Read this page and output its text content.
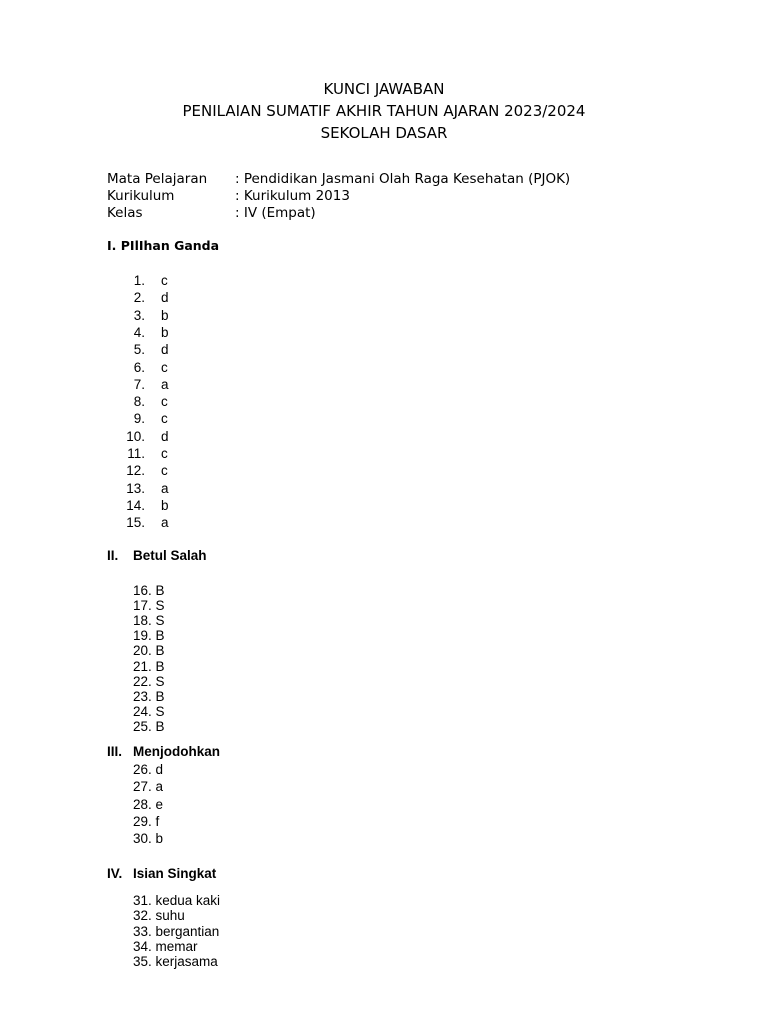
KUNCI JAWABAN
PENILAIAN SUMATIF AKHIR TAHUN AJARAN 2023/2024
SEKOLAH DASAR
Mata Pelajaran : Pendidikan Jasmani Olah Raga Kesehatan (PJOK)
Kurikulum	: Kurikulum 2013
Kelas	: IV (Empat)
I. PIlIhan Ganda
1. c
2. d
3. b
4. b
5. d
6. c
7. a
8. c
9. c
10. d
11. c
12. c
13. a
14. b
15. a
II. Betul Salah
16. B
17. S
18. S
19. B
20. B
21. B
22. S
23. B
24. S
25. B
III. Menjodohkan
26. d
27. a
28. e
29. f
30. b
IV. Isian Singkat
31. kedua kaki
32. suhu
33. bergantian
34. memar
35. kerjasama
